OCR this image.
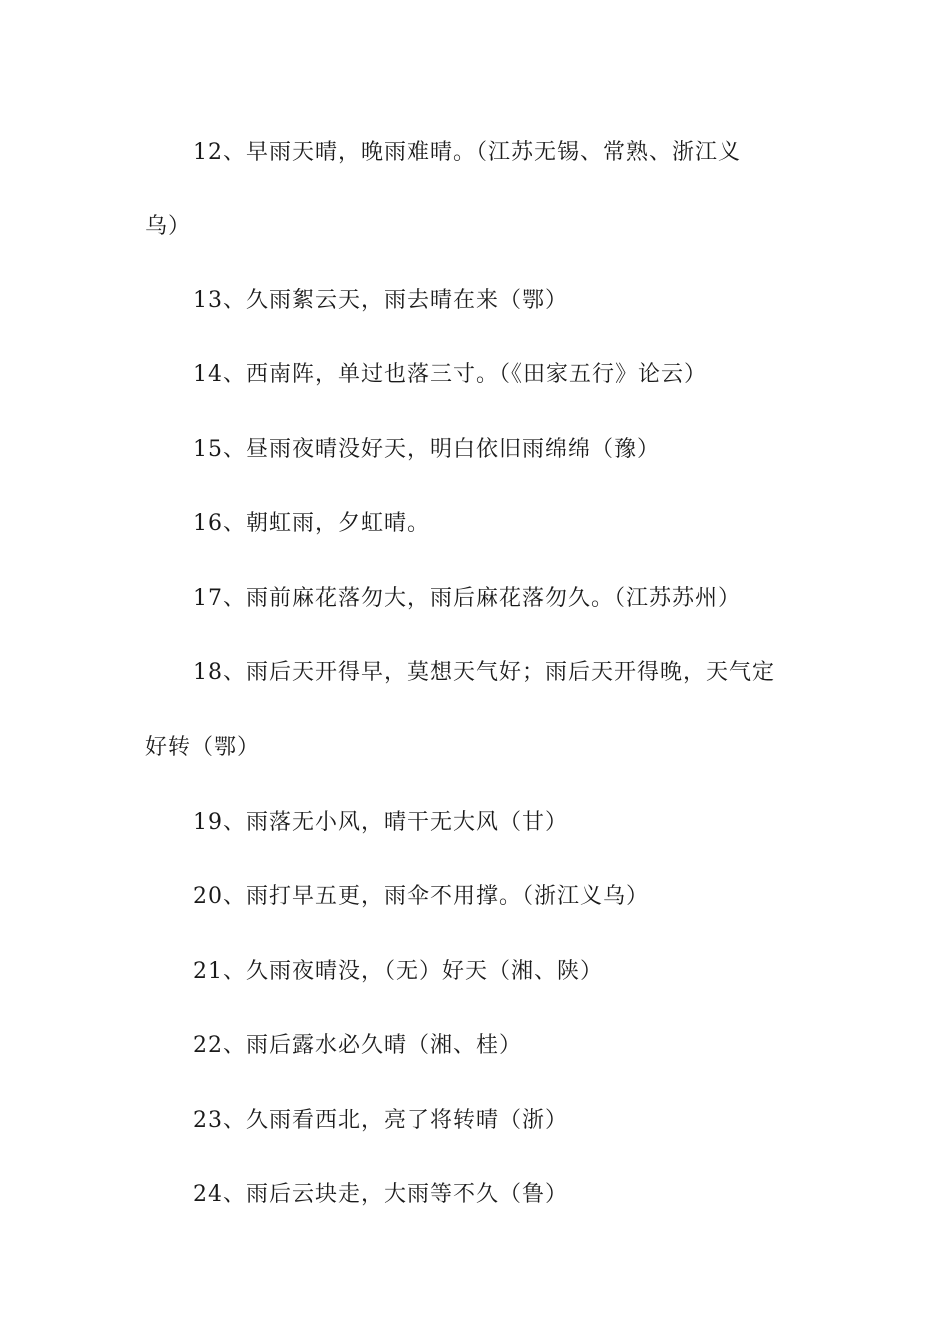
12、早雨天晴，晚雨难晴。（江苏无锡、常熟、浙江义
乌）
13、久雨絮云天，雨去晴在来（鄂）
14、西南阵，单过也落三寸。（《田家五行》论云）
15、昼雨夜晴没好天，明白依旧雨绵绵（豫）
16、朝虹雨，夕虹晴。
17、雨前麻花落勿大，雨后麻花落勿久。（江苏苏州）
18、雨后天开得早，莫想天气好；雨后天开得晚，天气定
好转（鄂）
19、雨落无小风，晴干无大风（甘）
20、雨打早五更，雨伞不用撑。（浙江义乌）
21、久雨夜晴没，（无）好天（湘、陕）
22、雨后露水必久晴（湘、桂）
23、久雨看西北，亮了将转晴（浙）
24、雨后云块走，大雨等不久（鲁）
